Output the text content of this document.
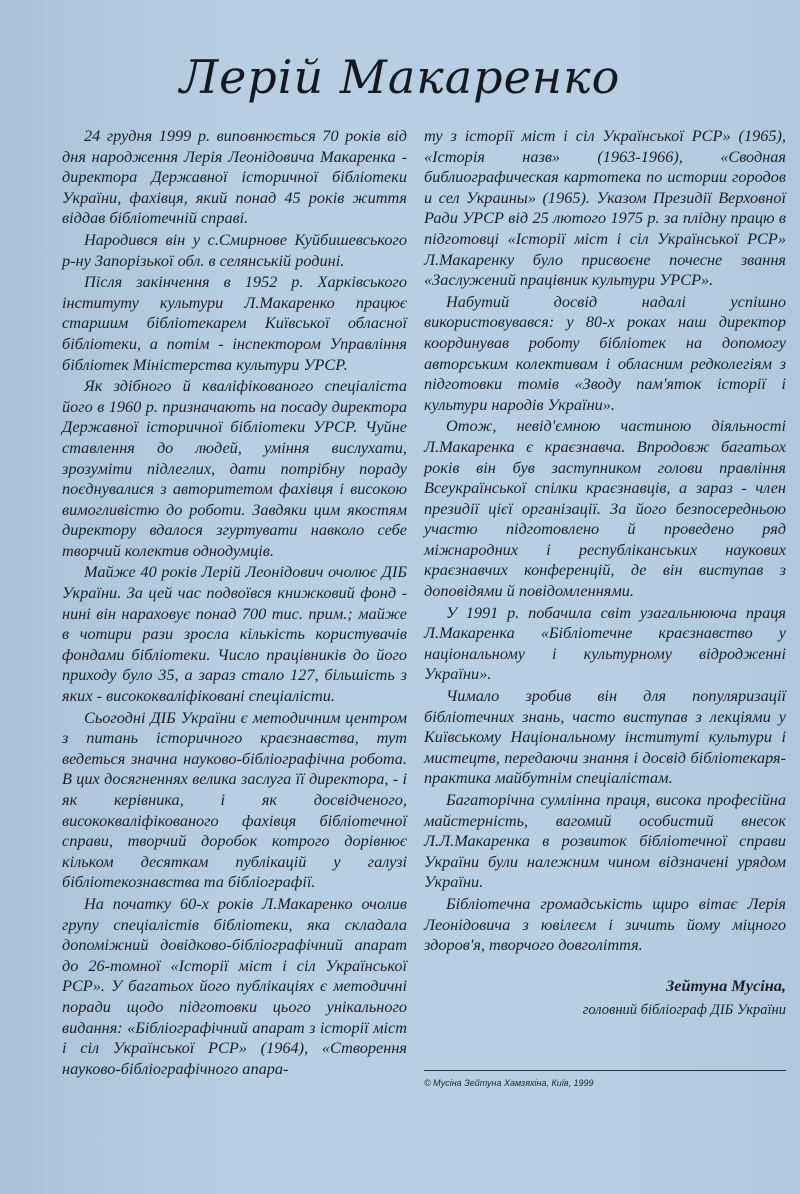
Лерій Макаренко

24 грудня 1999 р. виповнюється 70 років від дня народження Лерія Леонідовича Макаренка - директора Державної історичної бібліотеки України, фахівця, який понад 45 років життя віддав бібліотечній справі.

Народився він у с.Смирнове Куйбишевського р-ну Запорізької обл. в селянській родині.

Після закінчення в 1952 р. Харківського інституту культури Л.Макаренко працює старшим бібліотекарем Київської обласної бібліотеки, а потім - інспектором Управління бібліотек Міністерства культури УРСР.

Як здібного й кваліфікованого спеціаліста його в 1960 р. призначають на посаду директора Державної історичної бібліотеки УРСР. Чуйне ставлення до людей, уміння вислухати, зрозуміти підлеглих, дати потрібну пораду поєднувалися з авторитетом фахівця і високою вимогливістю до роботи. Завдяки цим якостям директору вдалося згуртувати навколо себе творчий колектив однодумців.

Майже 40 років Лерій Леонідович очолює ДІБ України. За цей час подвоївся книжковий фонд - нині він нараховує понад 700 тис. прим.; майже в чотири рази зросла кількість користувачів фондами бібліотеки. Число працівників до його приходу було 35, а зараз стало 127, більшість з яких - висококваліфіковані спеціалісти.

Сьогодні ДІБ України є методичним центром з питань історичного краєзнавства, тут ведеться значна науково-бібліографічна робота. В цих досягненнях велика заслуга її директора, - і як керівника, і як досвідченого, висококваліфікованого фахівця бібліотечної справи, творчий доробок котрого дорівнює кільком десяткам публікацій у галузі бібліотекознавства та бібліографії.

На початку 60-х років Л.Макаренко очолив групу спеціалістів бібліотеки, яка складала допоміжний довідково-бібліографічний апарат до 26-томної «Історії міст і сіл Української РСР». У багатьох його публікаціях є методичні поради щодо підготовки цього унікального видання: «Бібліографічний апарат з історії міст і сіл Української РСР» (1964), «Створення науково-бібліографічного апара-

ту з історії міст і сіл Української РСР» (1965), «Історія назв» (1963-1966), «Сводная библиографическая картотека по истории городов и сел Украины» (1965). Указом Президії Верховної Ради УРСР від 25 лютого 1975 р. за плідну працю в підготовці «Історії міст і сіл Української РСР» Л.Макаренку було присвоєне почесне звання «Заслужений працівник культури УРСР».

Набутий досвід надалі успішно використовувався: у 80-х роках наш директор координував роботу бібліотек на допомогу авторським колективам і обласним редколегіям з підготовки томів «Зводу пам'яток історії і культури народів України».

Отож, невід'ємною частиною діяльності Л.Макаренка є краєзнавча. Впродовж багатьох років він був заступником голови правління Всеукраїнської спілки краєзнавців, а зараз - член президії цієї організації. За його безпосередньою участю підготовлено й проведено ряд міжнародних і республіканських наукових краєзнавчих конференцій, де він виступав з доповідями й повідомленнями.

У 1991 р. побачила світ узагальнююча праця Л.Макаренка «Бібліотечне краєзнавство у національному і культурному відродженні України».

Чимало зробив він для популяризації бібліотечних знань, часто виступав з лекціями у Київському Національному інституті культури і мистецтв, передаючи знання і досвід бібліотекаря-практика майбутнім спеціалістам.

Багаторічна сумлінна праця, висока професійна майстерність, вагомий особистий внесок Л.Л.Макаренка в розвиток бібліотечної справи України були належним чином відзначені урядом України.

Бібліотечна громадськість щиро вітає Лерія Леонідовича з ювілеєм і зичить йому міцного здоров'я, творчого довголіття.

Зейтуна Мусіна,

головний бібліограф ДІБ України

© Мусіна Зейтуна Хамзяхіна, Київ, 1999
